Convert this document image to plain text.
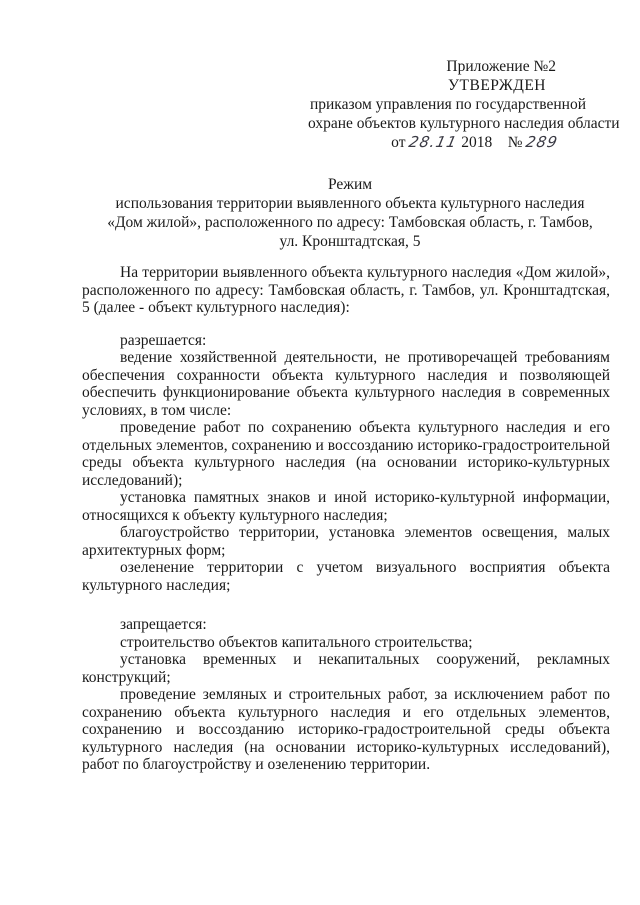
Приложение №2
УТВЕРЖДЕН
приказом управления по государственной
охране объектов культурного наследия области
от 28.11 2018 № 289
Режим
использования территории выявленного объекта культурного наследия
«Дом жилой», расположенного по адресу: Тамбовская область, г. Тамбов,
ул. Кронштадтская, 5

На территории выявленного объекта культурного наследия «Дом жилой», расположенного по адресу: Тамбовская область, г. Тамбов, ул. Кронштадтская, 5 (далее - объект культурного наследия):

разрешается:

ведение хозяйственной деятельности, не противоречащей требованиям обеспечения сохранности объекта культурного наследия и позволяющей обеспечить функционирование объекта культурного наследия в современных условиях, в том числе:

проведение работ по сохранению объекта культурного наследия и его отдельных элементов, сохранению и воссозданию историко-градостроительной среды объекта культурного наследия (на основании историко-культурных исследований);

установка памятных знаков и иной историко-культурной информации, относящихся к объекту культурного наследия;

благоустройство территории, установка элементов освещения, малых архитектурных форм;

озеленение территории с учетом визуального восприятия объекта культурного наследия;

запрещается:

строительство объектов капитального строительства;

установка временных и некапитальных сооружений, рекламных конструкций;

проведение земляных и строительных работ, за исключением работ по сохранению объекта культурного наследия и его отдельных элементов, сохранению и воссозданию историко-градостроительной среды объекта культурного наследия (на основании историко-культурных исследований), работ по благоустройству и озеленению территории.
